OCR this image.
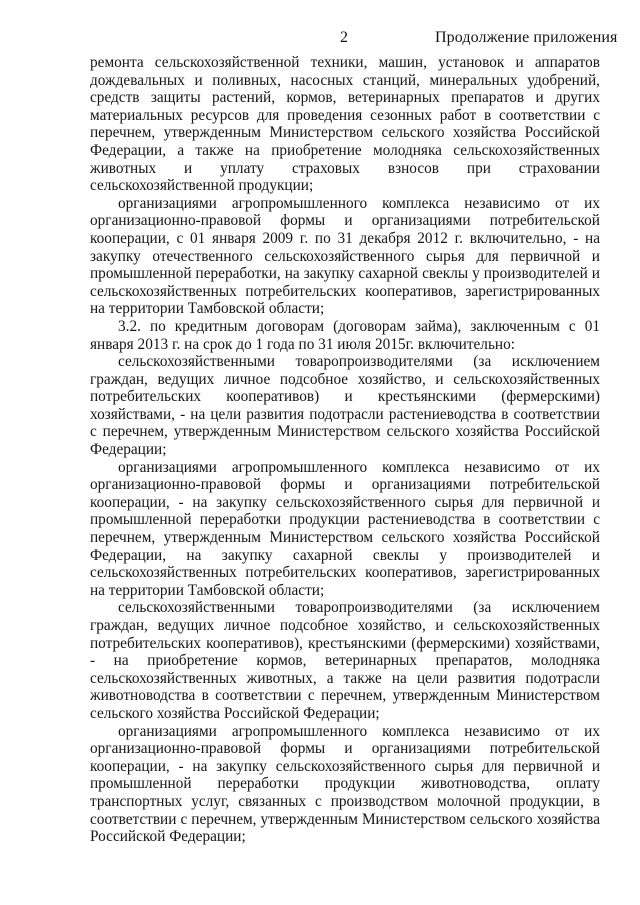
2	Продолжение приложения

ремонта сельскохозяйственной техники, машин, установок и аппаратов дождевальных и поливных, насосных станций, минеральных удобрений, средств защиты растений, кормов, ветеринарных препаратов и других материальных ресурсов для проведения сезонных работ в соответствии с перечнем, утвержденным Министерством сельского хозяйства Российской Федерации, а также на приобретение молодняка сельскохозяйственных животных и уплату страховых взносов при страховании сельскохозяйственной продукции;

организациями агропромышленного комплекса независимо от их организационно-правовой формы и организациями потребительской кооперации, с 01 января 2009 г. по 31 декабря 2012 г. включительно, - на закупку отечественного сельскохозяйственного сырья для первичной и промышленной переработки, на закупку сахарной свеклы у производителей и сельскохозяйственных потребительских кооперативов, зарегистрированных на территории Тамбовской области;

3.2. по кредитным договорам (договорам займа), заключенным с 01 января 2013 г. на срок до 1 года по 31 июля 2015г. включительно:

сельскохозяйственными товаропроизводителями (за исключением граждан, ведущих личное подсобное хозяйство, и сельскохозяйственных потребительских кооперативов) и крестьянскими (фермерскими) хозяйствами, - на цели развития подотрасли растениеводства в соответствии с перечнем, утвержденным Министерством сельского хозяйства Российской Федерации;

организациями агропромышленного комплекса независимо от их организационно-правовой формы и организациями потребительской кооперации, - на закупку сельскохозяйственного сырья для первичной и промышленной переработки продукции растениеводства в соответствии с перечнем, утвержденным Министерством сельского хозяйства Российской Федерации, на закупку сахарной свеклы у производителей и сельскохозяйственных потребительских кооперативов, зарегистрированных на территории Тамбовской области;

сельскохозяйственными товаропроизводителями (за исключением граждан, ведущих личное подсобное хозяйство, и сельскохозяйственных потребительских кооперативов), крестьянскими (фермерскими) хозяйствами, - на приобретение кормов, ветеринарных препаратов, молодняка сельскохозяйственных животных, а также на цели развития подотрасли животноводства в соответствии с перечнем, утвержденным Министерством сельского хозяйства Российской Федерации;

организациями агропромышленного комплекса независимо от их организационно-правовой формы и организациями потребительской кооперации, - на закупку сельскохозяйственного сырья для первичной и промышленной переработки продукции животноводства, оплату транспортных услуг, связанных с производством молочной продукции, в соответствии с перечнем, утвержденным Министерством сельского хозяйства Российской Федерации;
